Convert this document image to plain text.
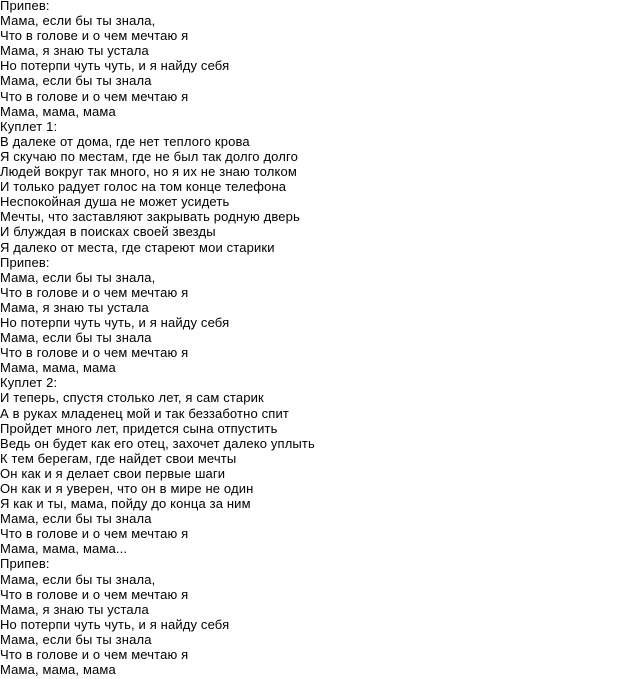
Припев:
Мама, если бы ты знала,
Что в голове и о чем мечтаю я
Мама, я знаю ты устала
Но потерпи чуть чуть, и я найду себя
Мама, если бы ты знала
Что в голове и о чем мечтаю я
Мама, мама, мама
Куплет 1:
В далеке от дома, где нет теплого крова
Я скучаю по местам, где не был так долго долго
Людей вокруг так много, но я их не знаю толком
И только радует голос на том конце телефона
Неспокойная душа не может усидеть
Мечты, что заставляют закрывать родную дверь
И блуждая в поисках своей звезды
Я далеко от места, где стареют мои старики
Припев:
Мама, если бы ты знала,
Что в голове и о чем мечтаю я
Мама, я знаю ты устала
Но потерпи чуть чуть, и я найду себя
Мама, если бы ты знала
Что в голове и о чем мечтаю я
Мама, мама, мама
Куплет 2:
И теперь, спустя столько лет, я сам старик
А в руках младенец мой и так беззаботно спит
Пройдет много лет, придется сына отпустить
Ведь он будет как его отец, захочет далеко уплыть
К тем берегам, где найдет свои мечты
Он как и я делает свои первые шаги
Он как и я уверен, что он в мире не один
Я как и ты, мама, пойду до конца за ним
Мама, если бы ты знала
Что в голове и о чем мечтаю я
Мама, мама, мама...
Припев:
Мама, если бы ты знала,
Что в голове и о чем мечтаю я
Мама, я знаю ты устала
Но потерпи чуть чуть, и я найду себя
Мама, если бы ты знала
Что в голове и о чем мечтаю я
Мама, мама, мама
